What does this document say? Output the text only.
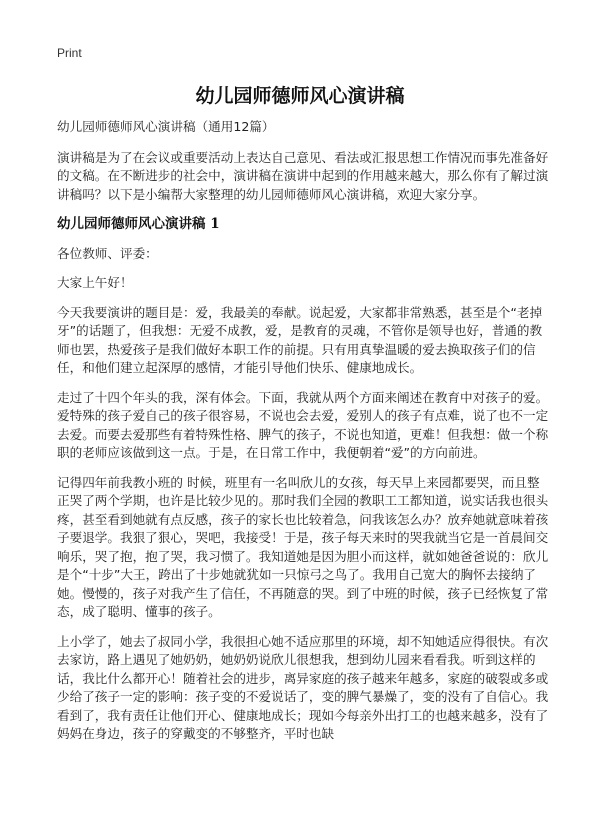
Print
幼儿园师德师风心演讲稿

幼儿园师德师风心演讲稿（通用12篇）

演讲稿是为了在会议或重要活动上表达自己意见、看法或汇报思想工作情况而事先准备好的文稿。在不断进步的社会中，演讲稿在演讲中起到的作用越来越大，那么你有了解过演讲稿吗？以下是小编帮大家整理的幼儿园师德师风心演讲稿，欢迎大家分享。

幼儿园师德师风心演讲稿 1

各位教师、评委：

大家上午好！

今天我要演讲的题目是：爱，我最美的奉献。说起爱，大家都非常熟悉，甚至是个“老掉牙”的话题了，但我想：无爱不成教，爱，是教育的灵魂，不管你是领导也好，普通的教师也罢，热爱孩子是我们做好本职工作的前提。只有用真挚温暖的爱去换取孩子们的信任，和他们建立起深厚的感情，才能引导他们快乐、健康地成长。

走过了十四个年头的我，深有体会。下面，我就从两个方面来阐述在教育中对孩子的爱。爱特殊的孩子爱自己的孩子很容易，不说也会去爱，爱别人的孩子有点难，说了也不一定去爱。而要去爱那些有着特殊性格、脾气的孩子，不说也知道，更难！但我想：做一个称职的老师应该做到这一点。于是，在日常工作中，我便朝着“爱”的方向前进。

记得四年前我教小班的 时候，班里有一名叫欣儿的女孩，每天早上来园都要哭，而且整正哭了两个学期，也许是比较少见的。那时我们全园的教职工工都知道，说实话我也很头疼，甚至看到她就有点反感，孩子的家长也比较着急，问我该怎么办？放弃她就意味着孩子要退学。我狠了狠心，哭吧，我接受！于是，孩子每天来时的哭我就当它是一首晨间交响乐，哭了抱，抱了哭，我习惯了。我知道她是因为胆小而这样，就如她爸爸说的：欣儿是个“十步”大王，跨出了十步她就犹如一只惊弓之鸟了。我用自己宽大的胸怀去接纳了她。慢慢的，孩子对我产生了信任，不再随意的哭。到了中班的时候，孩子已经恢复了常态，成了聪明、懂事的孩子。

上小学了，她去了叔同小学，我很担心她不适应那里的环境，却不知她适应得很快。有次去家访，路上遇见了她奶奶，她奶奶说欣儿很想我，想到幼儿园来看看我。听到这样的话，我比什么都开心！随着社会的进步，离异家庭的孩子越来年越多，家庭的破裂或多或少给了孩子一定的影响：孩子变的不爱说话了，变的脾气暴燥了，变的没有了自信心。我看到了，我有责任让他们开心、健康地成长；现如今每亲外出打工的也越来越多，没有了妈妈在身边，孩子的穿戴变的不够整齐，平时也缺
